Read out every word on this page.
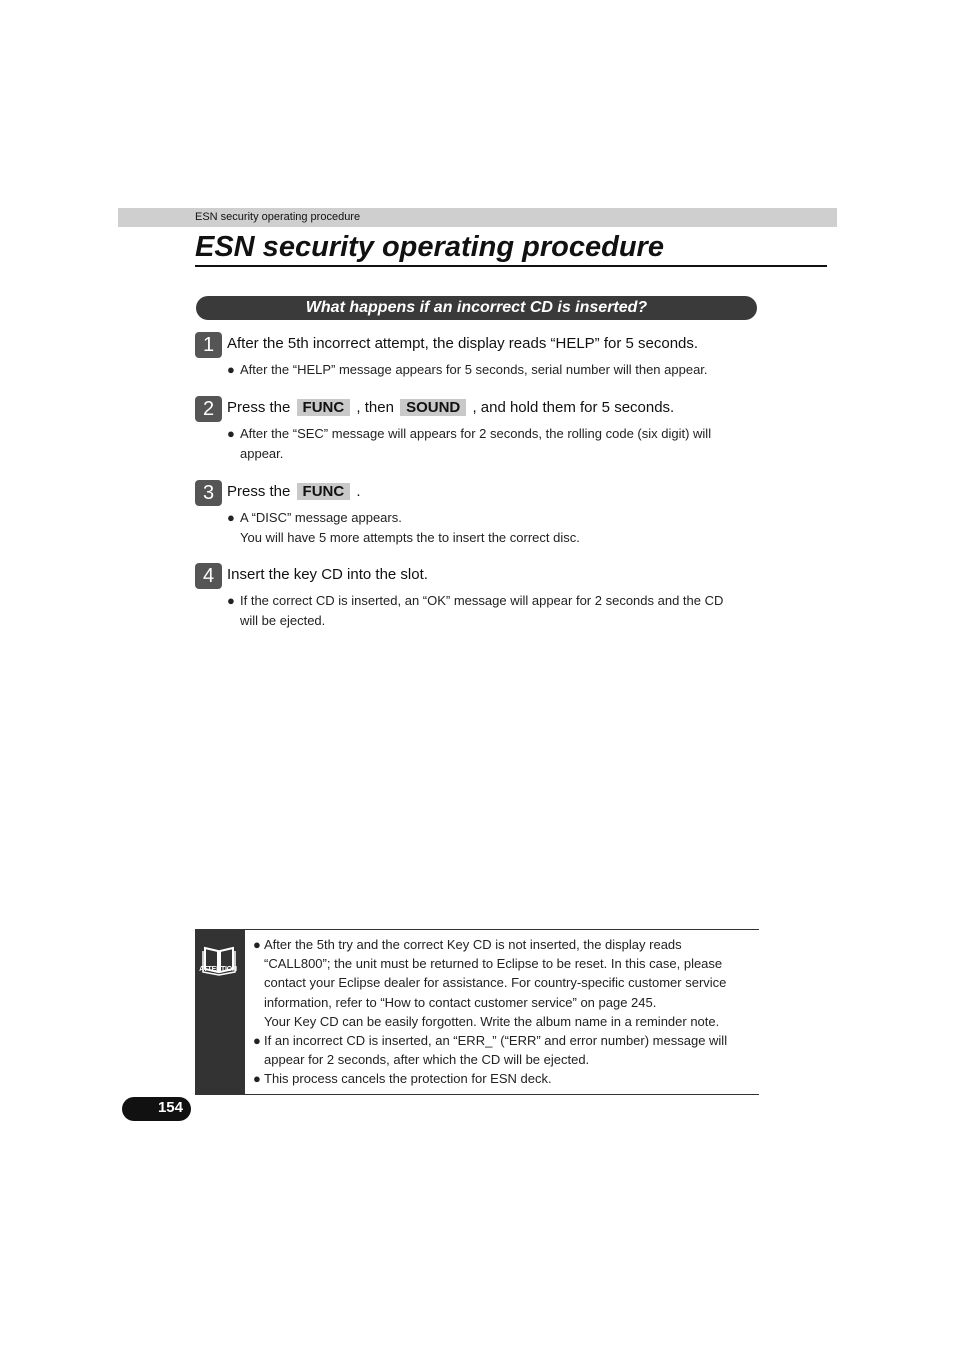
ESN security operating procedure
ESN security operating procedure
What happens if an incorrect CD is inserted?
1 After the 5th incorrect attempt, the display reads “HELP” for 5 seconds.
● After the “HELP” message appears for 5 seconds, serial number will then appear.
2 Press the FUNC , then SOUND , and hold them for 5 seconds.
● After the “SEC” message will appears for 2 seconds, the rolling code (six digit) will
appear.
3 Press the FUNC .
● A “DISC” message appears.
You will have 5 more attempts the to insert the correct disc.
4 Insert the key CD into the slot.
● If the correct CD is inserted, an “OK” message will appear for 2 seconds and the CD
will be ejected.
ATTENTION
● After the 5th try and the correct Key CD is not inserted, the display reads
“CALL800”; the unit must be returned to Eclipse to be reset. In this case, please
contact your Eclipse dealer for assistance. For country-specific customer service
information, refer to “How to contact customer service” on page 245.
Your Key CD can be easily forgotten. Write the album name in a reminder note.
● If an incorrect CD is inserted, an “ERR_” (“ERR” and error number) message will
appear for 2 seconds, after which the CD will be ejected.
● This process cancels the protection for ESN deck.
154
